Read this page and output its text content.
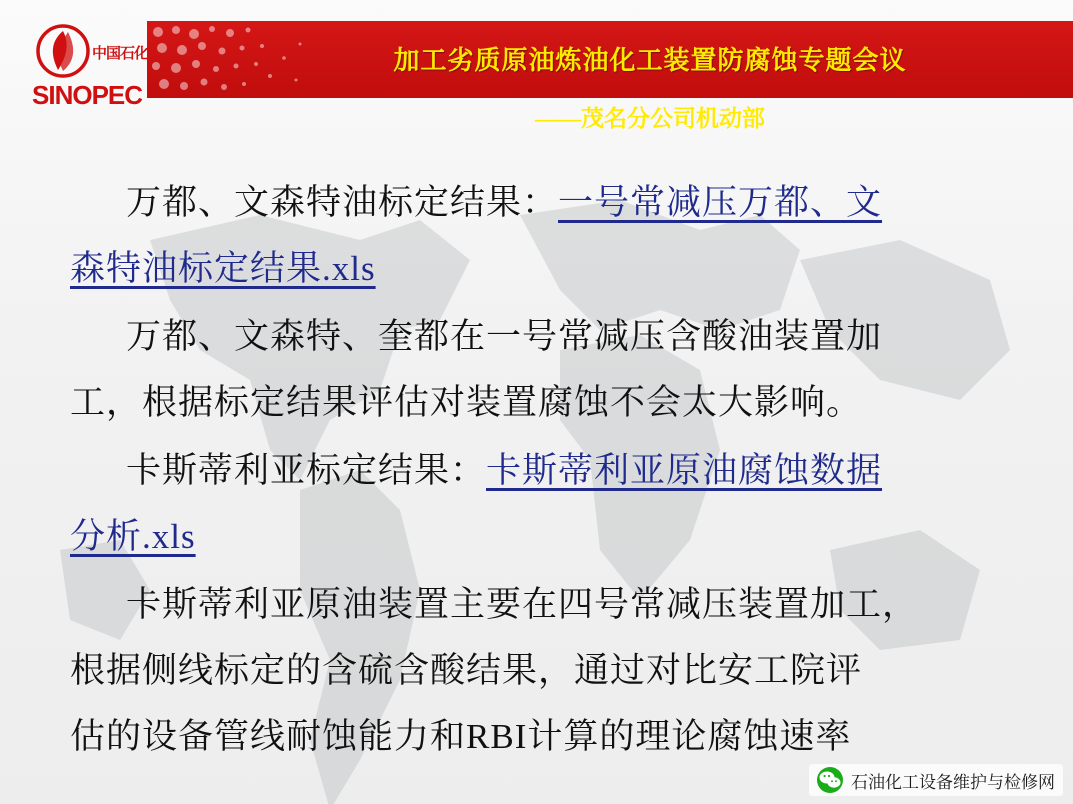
加工劣质原油炼油化工装置防腐蚀专题会议
——茂名分公司机动部
中国石化
SINOPEC

万都、文森特油标定结果：一号常减压万都、文

森特油标定结果.xls

万都、文森特、奎都在一号常减压含酸油装置加

工，根据标定结果评估对装置腐蚀不会太大影响。

卡斯蒂利亚标定结果：卡斯蒂利亚原油腐蚀数据

分析.xls

卡斯蒂利亚原油装置主要在四号常减压装置加工，

根据侧线标定的含硫含酸结果，通过对比安工院评

估的设备管线耐蚀能力和RBI计算的理论腐蚀速率

石油化工设备维护与检修网
